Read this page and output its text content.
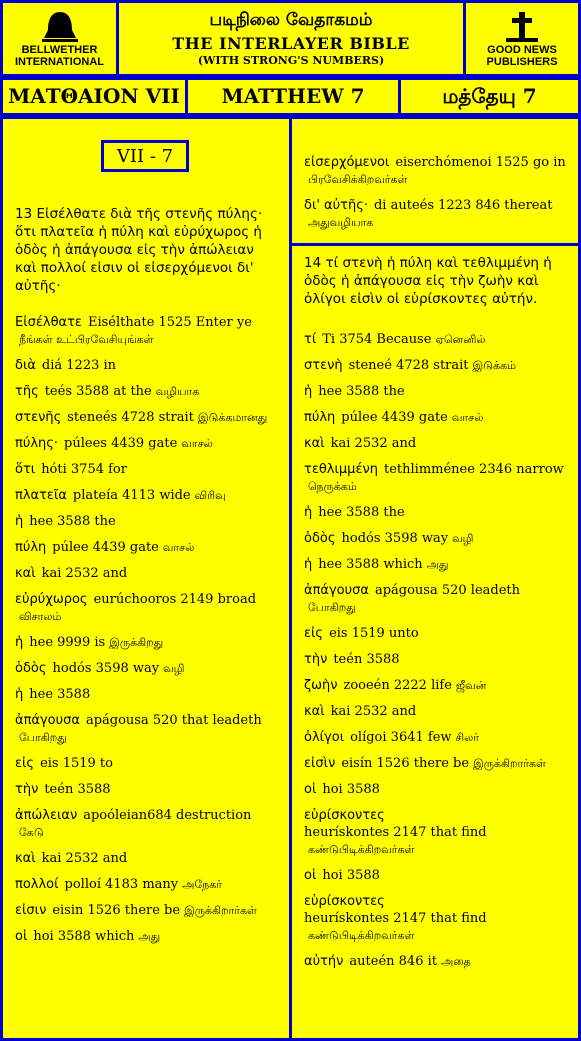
BELLWETHER INTERNATIONAL
படிநிலை வேதாகமம்
THE INTERLAYER BIBLE
(WITH STRONG'S NUMBERS)
GOOD NEWS PUBLISHERS
ΜΑΤΘΑΙΟΝ VII	MATTHEW 7	மத்தேயு 7
VII - 7

13 Εἰσέλθατε διὰ τῆς στενῆς πύλης· ὅτι πλατεῖα ἡ πύλη καὶ εὐρύχωρος ἡ ὁδὸς ἡ ἀπάγουσα εἰς τὴν ἀπώλειαν καὶ πολλοί εἰσιν οἱ εἰσερχόμενοι δι' αὐτῆς·

Εἰσέλθατε Eisélthate 1525 Enter ye
நீங்கள் உட்பிரவேசியுங்கள்
διὰ diá 1223 in
τῆς teés 3588 at the வழியாக
στενῆς steneés 4728 strait இடுக்கமானது
πύλης· púlees 4439 gate வாசல்
ὅτι hóti 3754 for
πλατεῖα plateía 4113 wide விரிவு
ἡ hee 3588 the
πύλη púlee 4439 gate வாசல்
καὶ kai 2532 and
εὐρύχωρος eurúchooros 2149 broad
விசாலம்
ἡ hee 9999 is இருக்கிறது
ὁδὸς hodós 3598 way வழி
ἡ hee 3588
ἀπάγουσα apágousa 520 that leadeth
போகிறது
εἰς eis 1519 to
τὴν teén 3588
ἀπώλειαν apoóleian684 destruction
கேடு
καὶ kai 2532 and
πολλοί polloí 4183 many அநேகர்
εἰσιν eisin 1526 there be இருக்கிறார்கள்
οἱ hoi 3588 which அது
εἰσερχόμενοι eiserchómenoi 1525 go in
பிரவேசிக்கிறவர்கள்
δι' αὐτῆς· di auteés 1223 846 thereat
அதுவழியாக

14 τί στενὴ ἡ πύλη καὶ τεθλιμμένη ἡ ὁδὸς ἡ ἀπάγουσα εἰς τὴν ζωὴν καὶ ὀλίγοι εἰσὶν οἱ εὑρίσκοντες αὐτήν.

τί Ti 3754 Because ஏனெனில்
στενὴ steneé 4728 strait இடுக்கம்
ἡ hee 3588 the
πύλη púlee 4439 gate வாசல்
καὶ kai 2532 and
τεθλιμμένη tethlimménee 2346 narrow
நெருக்கம்
ἡ hee 3588 the
ὁδὸς hodós 3598 way வழி
ἡ hee 3588 which அது
ἀπάγουσα apágousa 520 leadeth
போகிறது
εἰς eis 1519 unto
τὴν teén 3588
ζωὴν zooeén 2222 life ஜீவன்
καὶ kai 2532 and
ὀλίγοι olígoi 3641 few சிலர்
εἰσὶν eisín 1526 there be இருக்கிறார்கள்
οἱ hoi 3588
εὑρίσκοντες
heurískontes 2147 that find
கண்டுபிடிக்கிறவர்கள்
οἱ hoi 3588
εὑρίσκοντες
heurískontes 2147 that find
கண்டுபிடிக்கிறவர்கள்
αὐτήν auteén 846 it அதை
